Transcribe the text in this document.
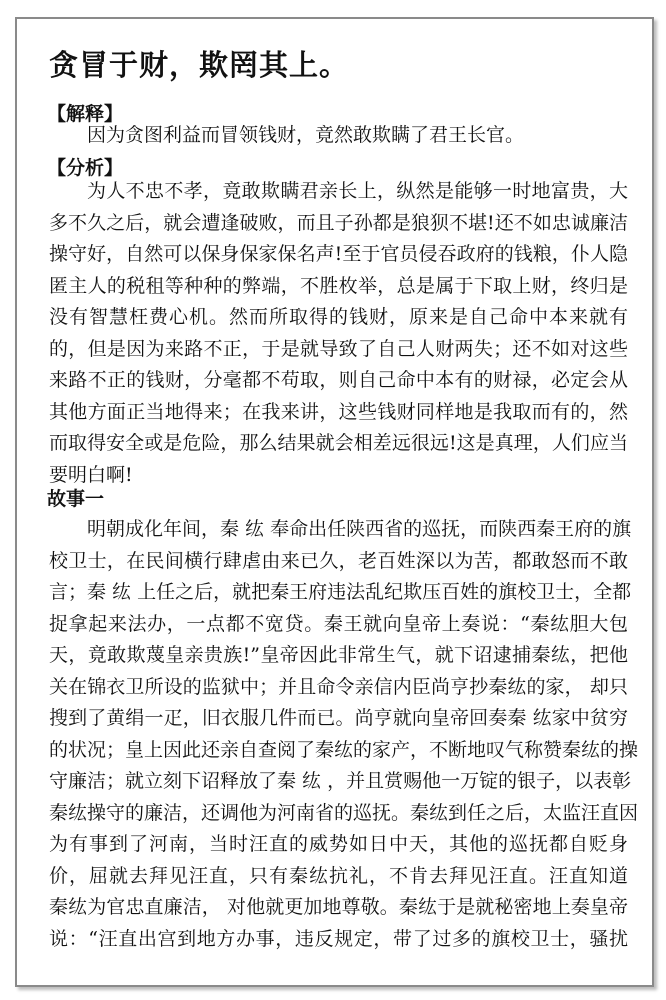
贪冒于财，欺罔其上。
【解释】
因为贪图利益而冒领钱财，竟然敢欺瞒了君王长官。
【分析】
为人不忠不孝，竟敢欺瞒君亲长上，纵然是能够一时地富贵，大
多不久之后，就会遭逢破败，而且子孙都是狼狈不堪!还不如忠诚廉洁
操守好，自然可以保身保家保名声!至于官员侵吞政府的钱粮，仆人隐
匿主人的税租等种种的弊端，不胜枚举，总是属于下取上财，终归是
没有智慧枉费心机。然而所取得的钱财，原来是自己命中本来就有
的，但是因为来路不正，于是就导致了自己人财两失；还不如对这些
来路不正的钱财，分毫都不苟取，则自己命中本有的财禄，必定会从
其他方面正当地得来；在我来讲，这些钱财同样地是我取而有的，然
而取得安全或是危险，那么结果就会相差远很远!这是真理，人们应当
要明白啊!
故事一
明朝成化年间，秦 纮 奉命出任陕西省的巡抚，而陕西秦王府的旗
校卫士，在民间横行肆虐由来已久，老百姓深以为苦，都敢怒而不敢
言；秦 纮 上任之后，就把秦王府违法乱纪欺压百姓的旗校卫士，全都
捉拿起来法办，一点都不宽贷。秦王就向皇帝上奏说：“秦纮胆大包
天，竟敢欺蔑皇亲贵族!”皇帝因此非常生气，就下诏逮捕秦纮，把他
关在锦衣卫所设的监狱中；并且命令亲信内臣尚亨抄秦纮的家， 却只
搜到了黄绢一疋，旧衣服几件而已。尚亨就向皇帝回奏秦 纮家中贫穷
的状况；皇上因此还亲自查阅了秦纮的家产，不断地叹气称赞秦纮的操
守廉洁；就立刻下诏释放了秦 纮 ，并且赏赐他一万锭的银子，以表彰
秦纮操守的廉洁，还调他为河南省的巡抚。秦纮到任之后，太监汪直因
为有事到了河南，当时汪直的威势如日中天，其他的巡抚都自贬身
价，屈就去拜见汪直，只有秦纮抗礼，不肯去拜见汪直。汪直知道
秦纮为官忠直廉洁， 对他就更加地尊敬。秦纮于是就秘密地上奏皇帝
说：“汪直出宫到地方办事，违反规定，带了过多的旗校卫士，骚扰
